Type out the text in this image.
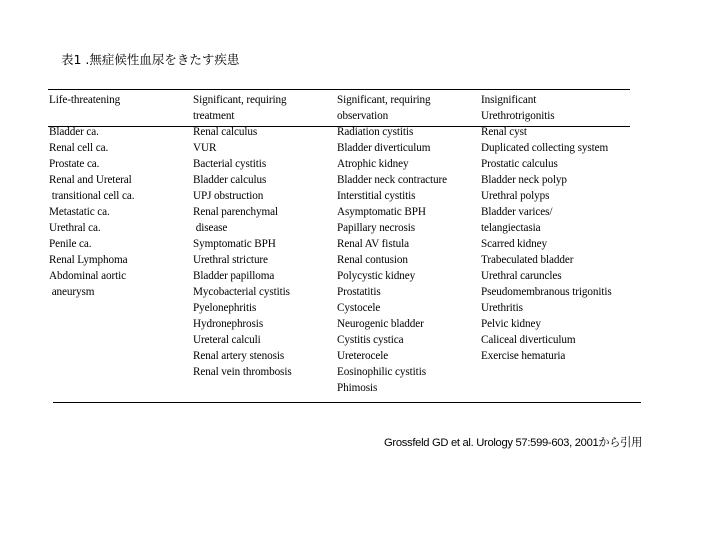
表1 .無症候性血尿をきたす疾患
Life-threatening
Bladder ca.
Renal cell ca.
Prostate ca.
Renal and Ureteral
transitional cell ca.
Metastatic ca.
Urethral ca.
Penile ca.
Renal Lymphoma
Abdominal aortic
aneurysm
Significant, requiring
treatment
Renal calculus
VUR
Bacterial cystitis
Bladder calculus
UPJ obstruction
Renal parenchymal
disease
Symptomatic BPH
Urethral stricture
Bladder papilloma
Mycobacterial cystitis
Pyelonephritis
Hydronephrosis
Ureteral calculi
Renal artery stenosis
Renal vein thrombosis
Significant, requiring
observation
Radiation cystitis
Bladder diverticulum
Atrophic kidney
Bladder neck contracture
Interstitial cystitis
Asymptomatic BPH
Papillary necrosis
Renal AV fistula
Renal contusion
Polycystic kidney
Prostatitis
Cystocele
Neurogenic bladder
Cystitis cystica
Ureterocele
Eosinophilic cystitis
Phimosis
Insignificant
Urethrotrigonitis
Renal cyst
Duplicated collecting system
Prostatic calculus
Bladder neck polyp
Urethral polyps
Bladder varices/
telangiectasia
Scarred kidney
Trabeculated bladder
Urethral caruncles
Pseudomembranous trigonitis
Urethritis
Pelvic kidney
Caliceal diverticulum
Exercise hematuria
Grossfeld GD et al. Urology 57:599-603, 2001から引用
